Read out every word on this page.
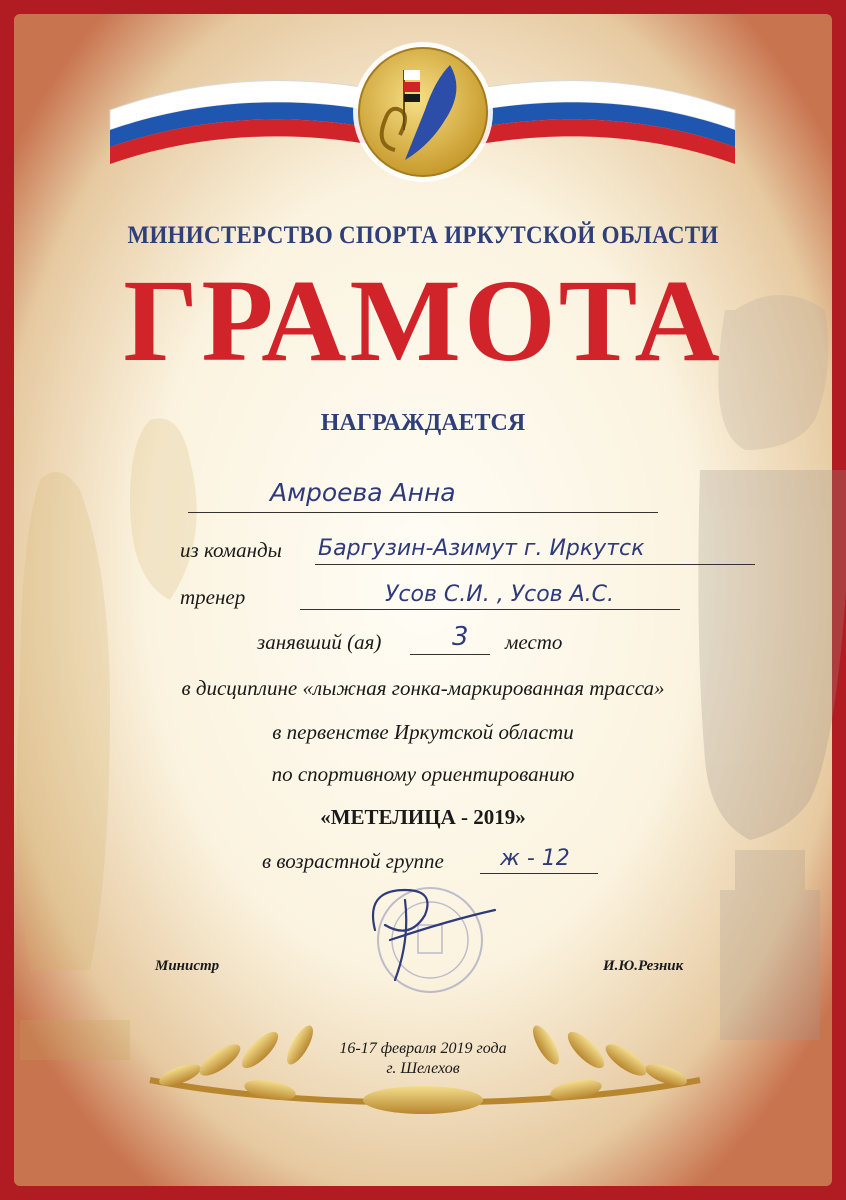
МИНИСТЕРСТВО СПОРТА ИРКУТСКОЙ ОБЛАСТИ
ГРАМОТА
НАГРАЖДАЕТСЯ
Амроева Анна
из команды Баргузин-Азимут г. Иркутск
тренер	Усов С.И. , Усов А.С.
занявший (ая)	3 место
в дисциплине «лыжная гонка-маркированная трасса»
в первенстве Иркутской области
по спортивному ориентированию
«МЕТЕЛИЦА - 2019»
в возрастной группе	ж - 12
Министр	И.Ю.Резник
16-17 февраля 2019 года
г. Шелехов
